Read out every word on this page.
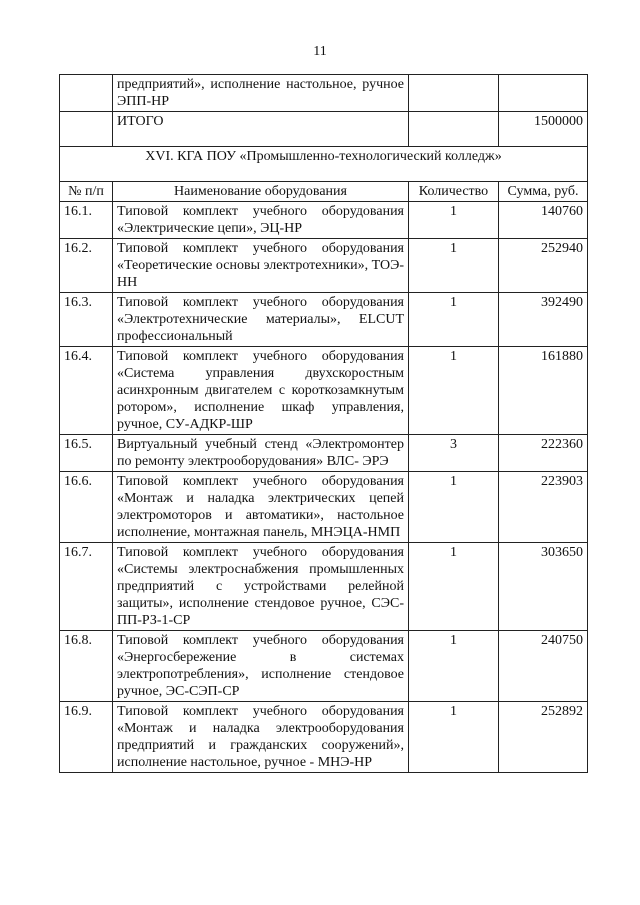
11
	предприятий», исполнение настольное, ручное ЭПП-НР		
	ИТОГО		1500000
XVI. КГА ПОУ «Промышленно-технологический колледж»			
№ п/п	Наименование оборудования	Количество	Сумма, руб.
16.1.	Типовой комплект учебного оборудования «Электрические цепи», ЭЦ-НР	1	140760
16.2.	Типовой комплект учебного оборудования «Теоретические основы электротехники», ТОЭ-НН	1	252940
16.3.	Типовой комплект учебного оборудования «Электротехнические материалы», ELCUT профессиональный	1	392490
16.4.	Типовой комплект учебного оборудования «Система управления двухскоростным асинхронным двигателем с короткозамкнутым ротором», исполнение шкаф управления, ручное, СУ-АДКР-ШР	1	161880
16.5.	Виртуальный учебный стенд «Электромонтер по ремонту электрооборудования» ВЛС- ЭРЭ	3	222360
16.6.	Типовой комплект учебного оборудования «Монтаж и наладка электрических цепей электромоторов и автоматики», настольное исполнение, монтажная панель, МНЭЦА-НМП	1	223903
16.7.	Типовой комплект учебного оборудования «Системы электроснабжения промышленных предприятий с устройствами релейной защиты», исполнение стендовое ручное, СЭС-ПП-РЗ-1-СР	1	303650
16.8.	Типовой комплект учебного оборудования «Энергосбережение в системах электропотребления», исполнение стендовое ручное, ЭС-СЭП-СР	1	240750
16.9.	Типовой комплект учебного оборудования «Монтаж и наладка электрооборудования предприятий и гражданских сооружений», исполнение настольное, ручное - МНЭ-НР	1	252892
